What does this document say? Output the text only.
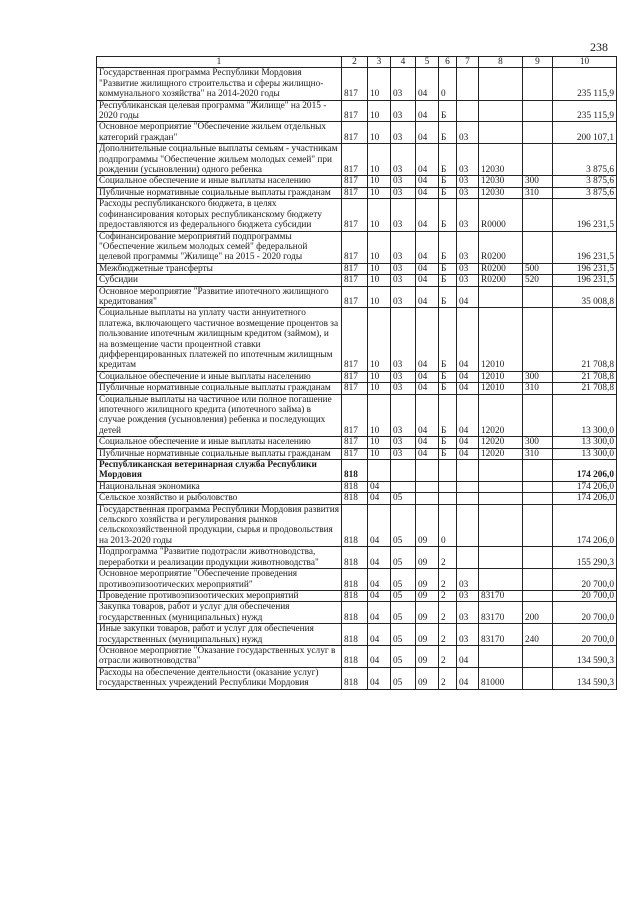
238
1	2	3	4	5	6	7	8	9	10
Государственная программа Республики Мордовия "Развитие жилищного строительства и сферы жилищно-коммунального хозяйства" на 2014-2020 годы	817	10	03	04	0				235 115,9
Республиканская целевая программа "Жилище" на 2015 - 2020 годы	817	10	03	04	Б				235 115,9
Основное мероприятие "Обеспечение жильем отдельных категорий граждан"	817	10	03	04	Б	03			200 107,1
Дополнительные социальные выплаты семьям - участникам подпрограммы "Обеспечение жильем молодых семей" при рождении (усыновлении) одного ребенка	817	10	03	04	Б	03	12030		3 875,6
Социальное обеспечение и иные выплаты населению	817	10	03	04	Б	03	12030	300	3 875,6
Публичные нормативные социальные выплаты гражданам	817	10	03	04	Б	03	12030	310	3 875,6
Расходы республиканского бюджета, в целях софинансирования которых республиканскому бюджету предоставляются из федерального бюджета субсидии	817	10	03	04	Б	03	R0000		196 231,5
Софинансирование мероприятий подпрограммы "Обеспечение жильем молодых семей" федеральной целевой программы "Жилище" на 2015 - 2020 годы	817	10	03	04	Б	03	R0200		196 231,5
Межбюджетные трансферты	817	10	03	04	Б	03	R0200	500	196 231,5
Субсидии	817	10	03	04	Б	03	R0200	520	196 231,5
Основное мероприятие "Развитие ипотечного жилищного кредитования"	817	10	03	04	Б	04			35 008,8
Социальные выплаты на уплату части аннуитетного платежа, включающего частичное возмещение процентов за пользование ипотечным жилищным кредитом (займом), и на возмещение части процентной ставки дифференцированных платежей по ипотечным жилищным кредитам	817	10	03	04	Б	04	12010		21 708,8
Социальное обеспечение и иные выплаты населению	817	10	03	04	Б	04	12010	300	21 708,8
Публичные нормативные социальные выплаты гражданам	817	10	03	04	Б	04	12010	310	21 708,8
Социальные выплаты на частичное или полное погашение ипотечного жилищного кредита (ипотечного займа) в случае рождения (усыновления) ребенка и последующих детей	817	10	03	04	Б	04	12020		13 300,0
Социальное обеспечение и иные выплаты населению	817	10	03	04	Б	04	12020	300	13 300,0
Публичные нормативные социальные выплаты гражданам	817	10	03	04	Б	04	12020	310	13 300,0
Республиканская ветеринарная служба Республики Мордовия	818								174 206,0
Национальная экономика	818	04							174 206,0
Сельское хозяйство и рыболовство	818	04	05						174 206,0
Государственная программа Республики Мордовия развития сельского хозяйства и регулирования рынков сельскохозяйственной продукции, сырья и продовольствия на 2013-2020 годы	818	04	05	09	0				174 206,0
Подпрограмма "Развитие подотрасли животноводства, переработки и реализации продукции животноводства"	818	04	05	09	2				155 290,3
Основное мероприятие "Обеспечение проведения противоэпизоотических мероприятий"	818	04	05	09	2	03			20 700,0
Проведение противоэпизоотических мероприятий	818	04	05	09	2	03	83170		20 700,0
Закупка товаров, работ и услуг для обеспечения государственных (муниципальных) нужд	818	04	05	09	2	03	83170	200	20 700,0
Иные закупки товаров, работ и услуг для обеспечения государственных (муниципальных) нужд	818	04	05	09	2	03	83170	240	20 700,0
Основное мероприятие "Оказание государственных услуг в отрасли животноводства"	818	04	05	09	2	04			134 590,3
Расходы на обеспечение деятельности (оказание услуг) государственных учреждений Республики Мордовия	818	04	05	09	2	04	81000		134 590,3
